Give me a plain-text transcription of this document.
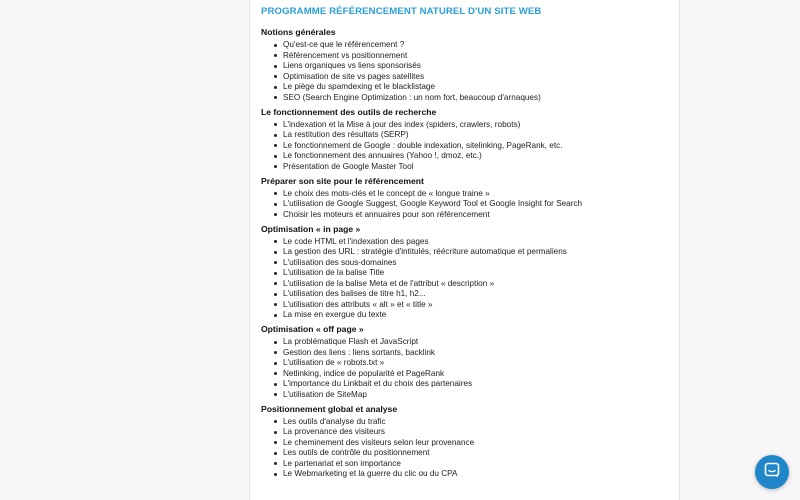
PROGRAMME RÉFÉRENCEMENT NATUREL D'UN SITE WEB
Notions générales
Qu'est-ce que le référencement ?
Référencement vs positionnement
Liens organiques vs liens sponsorisés
Optimisation de site vs pages satellites
Le piège du spamdexing et le blacklistage
SEO (Search Engine Optimization : un nom fort, beaucoup d'arnaques)
Le fonctionnement des outils de recherche
L'indexation et la Mise à jour des index (spiders, crawlers, robots)
La restitution des résultats (SERP)
Le fonctionnement de Google : double indexation, sitelinking, PageRank, etc.
Le fonctionnement des annuaires (Yahoo !, dmoz, etc.)
Présentation de Google Master Tool
Préparer son site pour le référencement
Le choix des mots-clés et le concept de « longue traine »
L'utilisation de Google Suggest, Google Keyword Tool et Google Insight for Search
Choisir les moteurs et annuaires pour son référencement
Optimisation « in page »
Le code HTML et l'indexation des pages
La gestion des URL : stratégie d'intitulés, réécriture automatique et permaliens
L'utilisation des sous-domaines
L'utilisation de la balise Title
L'utilisation de la balise Meta et de l'attribut « description »
L'utilisation des balises de titre h1, h2...
L'utilisation des attributs « alt » et « title »
La mise en exergue du texte
Optimisation « off page »
La problématique Flash et JavaScript
Gestion des liens : liens sortants, backlink
L'utilisation de « robots.txt »
Netlinking, indice de popularité et PageRank
L'importance du Linkbait et du choix des partenaires
L'utilisation de SiteMap
Positionnement global et analyse
Les outils d'analyse du trafic
La provenance des visiteurs
Le cheminement des visiteurs selon leur provenance
Les outils de contrôle du positionnement
Le partenariat et son importance
Le Webmarketing et la guerre du clic ou du CPA
